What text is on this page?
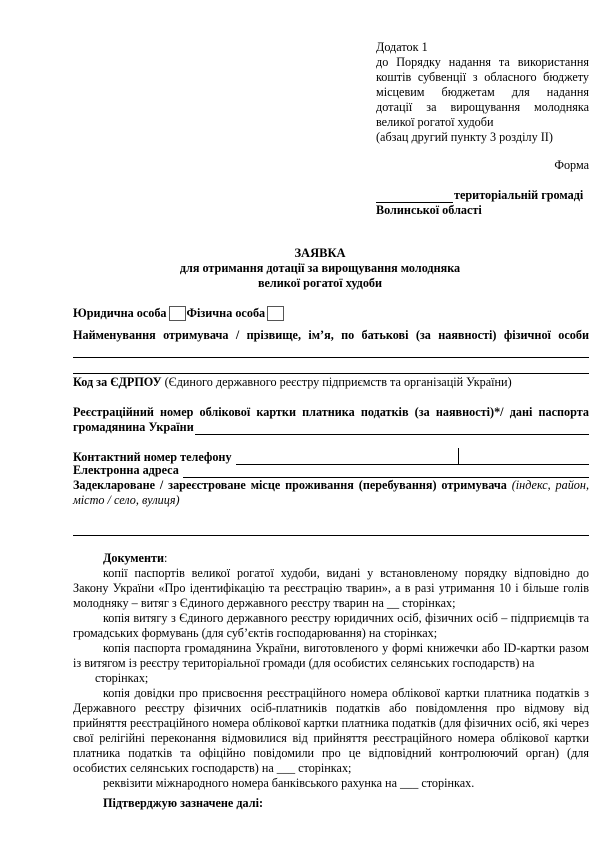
Додаток 1
до Порядку надання та використання
коштів субвенції з обласного бюджету
місцевим бюджетам для надання
дотації за вирощування молодняка
великої рогатої худоби
(абзац другий пункту 3 розділу ІІ)
Форма
територіальній громаді
Волинської області
ЗАЯВКА
для отримання дотації за вирощування молодняка
великої рогатої худоби
Юридична особа Фізична особа
Найменування отримувача / прізвище, ім’я, по батькові (за наявності) фізичної особи
Код за ЄДРПОУ (Єдиного державного реєстру підприємств та організацій України)
Реєстраційний номер облікової картки платника податків (за наявності)*/ дані паспорта
громадянина України
Контактний номер телефону
Електронна адреса
Задекларoване / зареєстроване місце проживання (перебування) отримувача (індекс, район, місто / село, вулиця)

Документи:

копії паспортів великої рогатої худоби, видані у встановленому порядку відповідно до Закону України «Про ідентифікацію та реєстрацію тварин», а в разі утримання 10 і більше голів молодняку – витяг з Єдиного державного реєстру тварин на __ сторінках;

копія витягу з Єдиного державного реєстру юридичних осіб, фізичних осіб – підприємців та громадських формувань (для суб’єктів господарювання) на сторінках;

копія паспорта громадянина України, виготовленого у формі книжечки або ID-картки разом із витягом із реєстру територіальної громади (для особистих селянських господарств) на

сторінках;

копія довідки про присвоєння реєстраційного номера облікової картки платника податків з Державного реєстру фізичних осіб-платників податків або повідомлення про відмову від прийняття реєстраційного номера облікової картки платника податків (для фізичних осіб, які через свої релігійні переконання відмовилися від прийняття реєстраційного номера облікової картки платника податків та офіційно повідомили про це відповідний контролюючий орган) (для особистих селянських господарств) на ___ сторінках;

реквізити міжнародного номера банківського рахунка на ___ сторінках.

Підтверджую зазначене далі:
